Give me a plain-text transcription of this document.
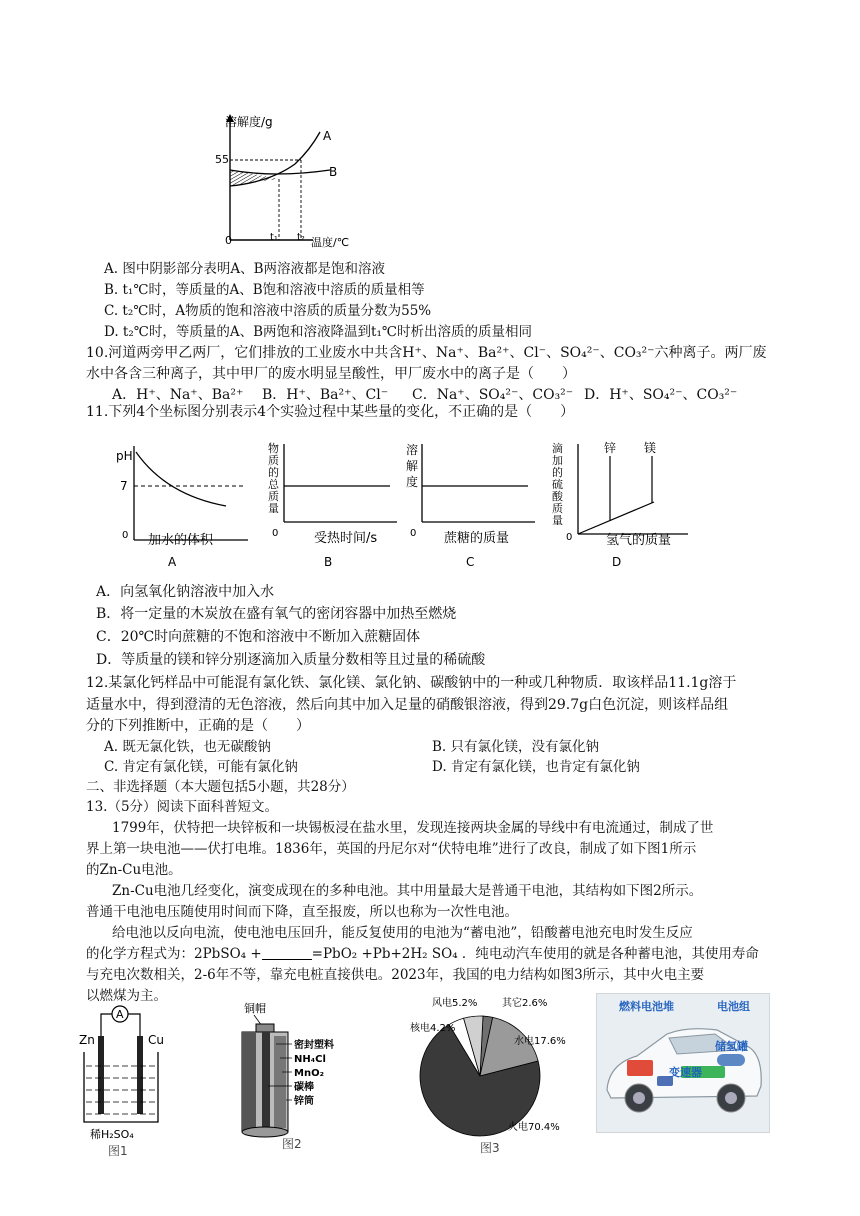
溶解度/g
温度/℃
55
0	t₁ t₂
A
B
A. 图中阴影部分表明A、B两溶液都是饱和溶液
B. t₁℃时，等质量的A、B饱和溶液中溶质的质量相等
C. t₂℃时，A物质的饱和溶液中溶质的质量分数为55%
D. t₂℃时，等质量的A、B两饱和溶液降温到t₁℃时析出溶质的质量相同
10.河道两旁甲乙两厂，它们排放的工业废水中共含H⁺、Na⁺、Ba²⁺、Cl⁻、SO₄²⁻、CO₃²⁻六种离子。两厂废
水中各含三种离子，其中甲厂的废水明显呈酸性，甲厂废水中的离子是（　　）
A．H⁺、Na⁺、Ba²⁺ B．H⁺、Ba²⁺、Cl⁻ C．Na⁺、SO₄²⁻、CO₃²⁻ D．H⁺、SO₄²⁻、CO₃²⁻
11.下列4个坐标图分别表示4个实验过程中某些量的变化，不正确的是（　　）
pH
7
0 加水的体积
A
物
质
的
总
质
量
0	受热时间/s
B
溶
解
度
0 蔗糖的质量
C
锌 镁
滴
加
的
硫
酸
质
量
0	氢气的质量
D
A．向氢氧化钠溶液中加入水
B．将一定量的木炭放在盛有氧气的密闭容器中加热至燃烧
C．20℃时向蔗糖的不饱和溶液中不断加入蔗糖固体
D．等质量的镁和锌分别逐滴加入质量分数相等且过量的稀硫酸
12.某氯化钙样品中可能混有氯化铁、氯化镁、氯化钠、碳酸钠中的一种或几种物质．取该样品11.1g溶于
适量水中，得到澄清的无色溶液，然后向其中加入足量的硝酸银溶液，得到29.7g白色沉淀，则该样品组
分的下列推断中，正确的是（　　）
A. 既无氯化铁，也无碳酸钠	B. 只有氯化镁，没有氯化钠
C. 肯定有氯化镁，可能有氯化钠	D. 肯定有氯化镁，也肯定有氯化钠
二、非选择题（本大题包括5小题，共28分）
13.（5分）阅读下面科普短文。
1799年，伏特把一块锌板和一块锡板浸在盐水里，发现连接两块金属的导线中有电流通过，制成了世
界上第一块电池——伏打电堆。1836年，英国的丹尼尔对“伏特电堆”进行了改良，制成了如下图1所示
的Zn-Cu电池。
Zn-Cu电池几经变化，演变成现在的多种电池。其中用量最大是普通干电池，其结构如下图2所示。
普通干电池电压随使用时间而下降，直至报废，所以也称为一次性电池。
给电池以反向电流，使电池电压回升，能反复使用的电池为“蓄电池”，铅酸蓄电池充电时发生反应
的化学方程式为：2PbSO₄ +	=PbO₂ +Pb+2H₂ SO₄ ．纯电动汽车使用的就是各种蓄电池，其使用寿命
与充电次数相关，2-6年不等，靠充电桩直接供电。2023年，我国的电力结构如图3所示，其中火电主要
以燃煤为主。
A
Zn	Cu
稀H₂SO₄
图1
铜帽
密封塑料
NH₄Cl
MnO₂
碳棒
锌筒
图2
风电5.2% 其它2.6%
核电4.2%
水电17.6%
火电70.4%
图3
燃料电池堆	电池组
储氢罐
变速器
